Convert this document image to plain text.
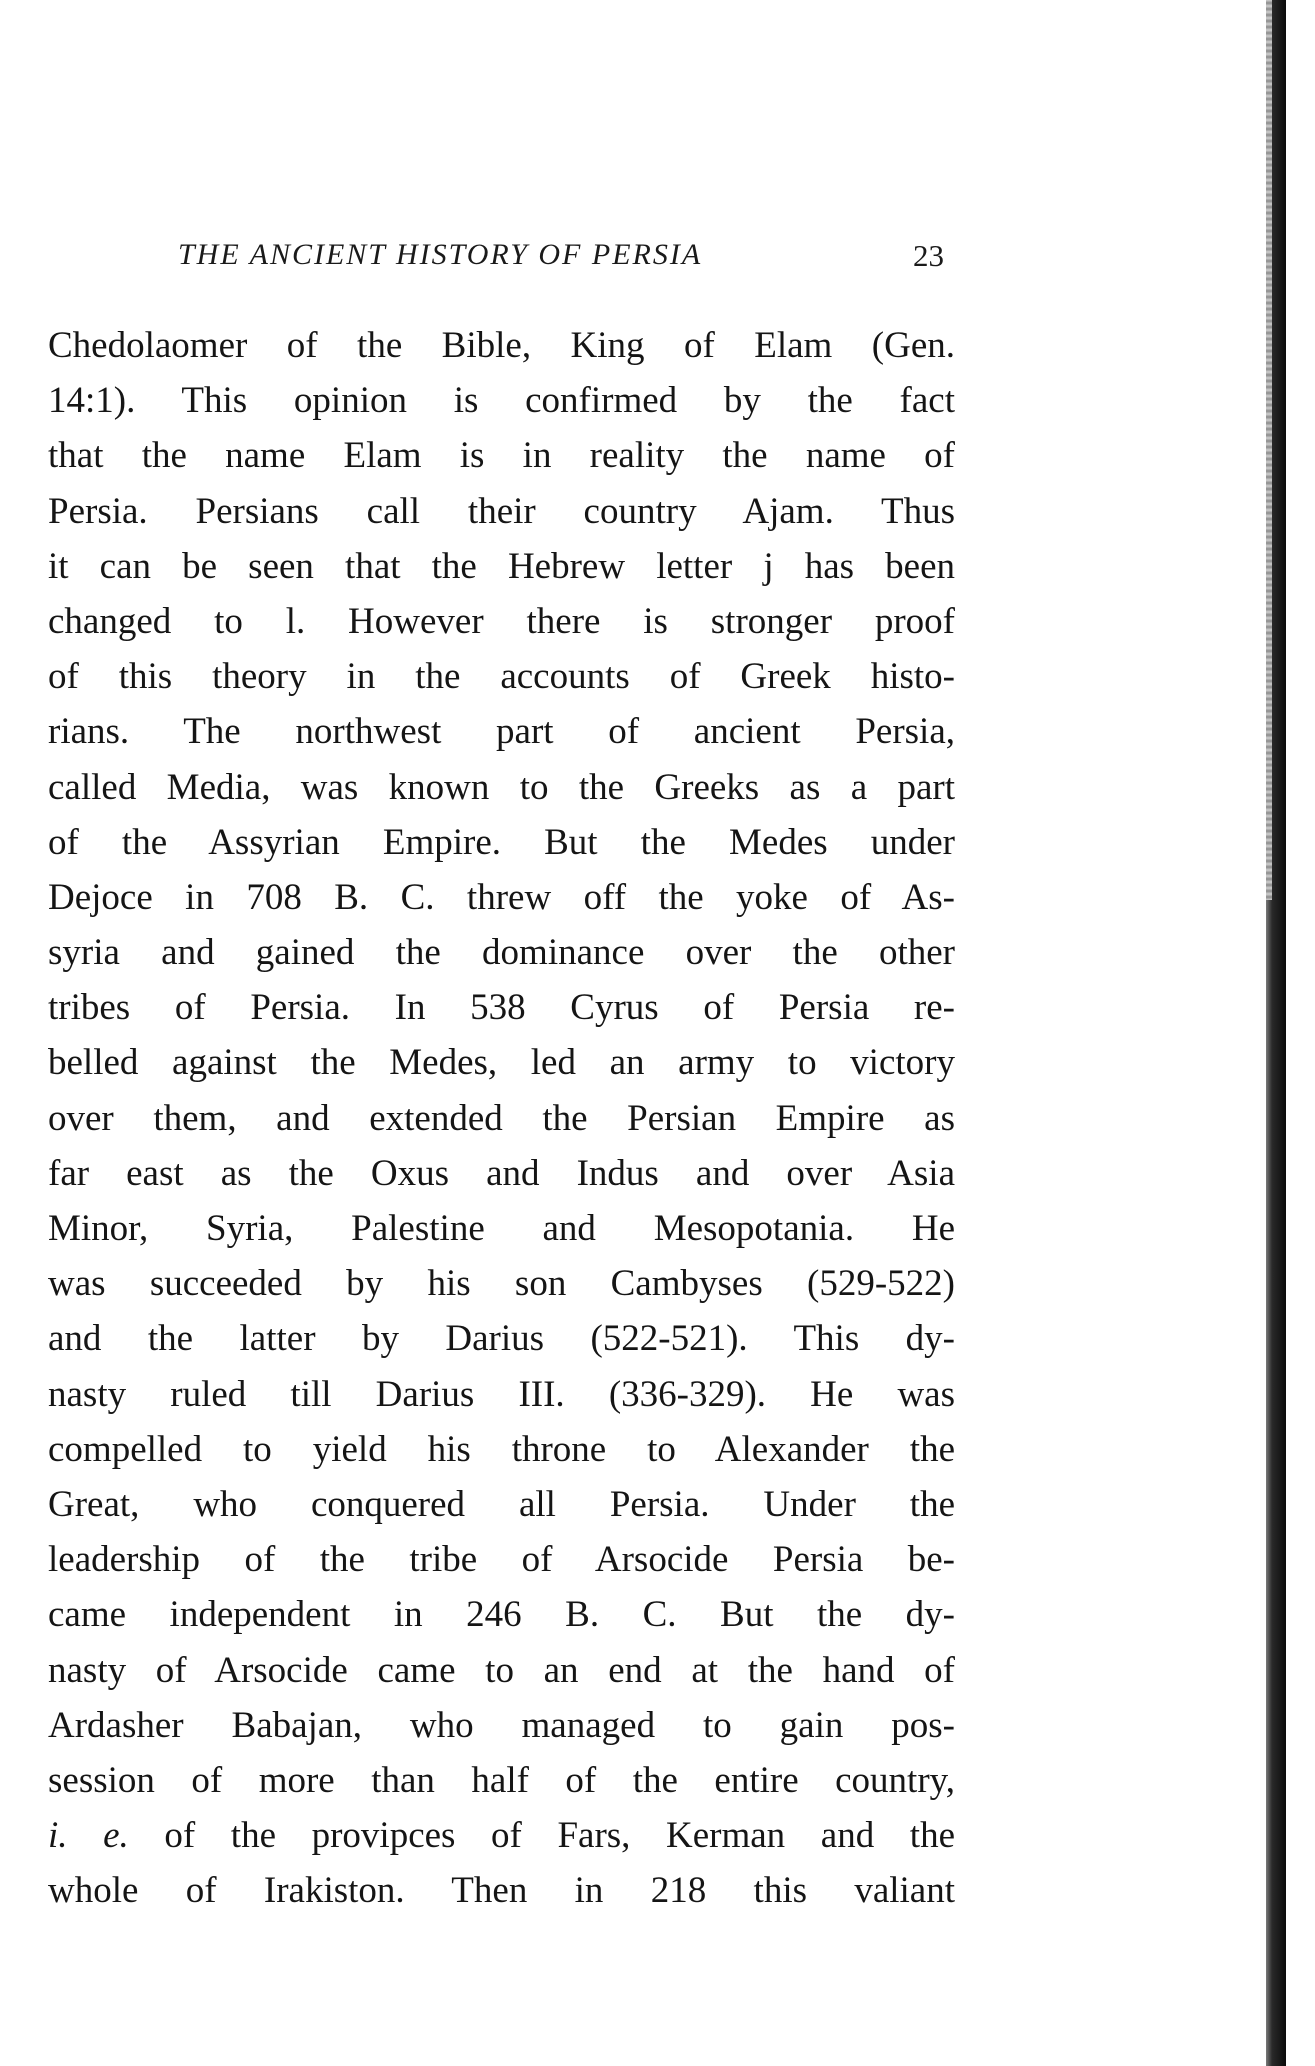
THE ANCIENT HISTORY OF PERSIA	23
Chedolaomer of the Bible, King of Elam (Gen.
14:1). This opinion is confirmed by the fact
that the name Elam is in reality the name of
Persia. Persians call their country Ajam. Thus
it can be seen that the Hebrew letter j has been
changed to l. However there is stronger proof
of this theory in the accounts of Greek histo-
rians. The northwest part of ancient Persia,
called Media, was known to the Greeks as a part
of the Assyrian Empire. But the Medes under
Dejoce in 708 B. C. threw off the yoke of As-
syria and gained the dominance over the other
tribes of Persia. In 538 Cyrus of Persia re-
belled against the Medes, led an army to victory
over them, and extended the Persian Empire as
far east as the Oxus and Indus and over Asia
Minor, Syria, Palestine and Mesopotania. He
was succeeded by his son Cambyses (529-522)
and the latter by Darius (522-521). This dy-
nasty ruled till Darius III. (336-329). He was
compelled to yield his throne to Alexander the
Great, who conquered all Persia. Under the
leadership of the tribe of Arsocide Persia be-
came independent in 246 B. C. But the dy-
nasty of Arsocide came to an end at the hand of
Ardasher Babajan, who managed to gain pos-
session of more than half of the entire country,
i. e. of the provipces of Fars, Kerman and the
whole of Irakiston. Then in 218 this valiant
